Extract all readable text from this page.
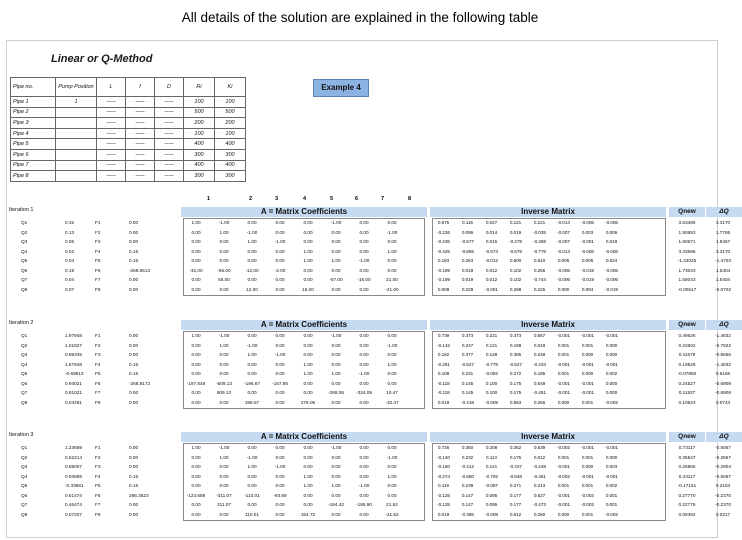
All details of the solution are explained in the following table
Linear or Q-Method
Pipe no.	Pump Position	L	f	D	Ri	Ki
Pipe 1	1	-----	-----	-----	100	100
Pipe 2		-----	-----	-----	500	500
Pipe 3		-----	-----	-----	200	200
Pipe 4		-----	-----	-----	100	100
Pipe 5		-----	-----	-----	400	400
Pipe 6		-----	-----	-----	300	300
Pipe 7		-----	-----	-----	400	400
Pipe 8		-----	-----	-----	300	300
Example 4
1	2	3	4	5	6	7	8
Iteration 1	A = Matrix Coefficients	Inverse Matrix	Qnew	ΔQ
Q1	0.32	F1	0.00	3.63486	3.3170
1.00	-1.00	0.00	0.00	0.00	-1.00	0.00	0.00	0.575	0.115	0.027	0.121	0.221	-0.013	-0.006	-0.006
Q2	0.13	F2	0.00	1.90653	1.7765
0.00	1.00	-1.00	0.00	0.00	0.00	0.00	-1.00	-0.226	0.096	0.014	0.019	-0.035	-0.007	0.003	0.006
Q3	0.06	F3	0.00	1.90671	1.8467
0.00	0.00	1.00	-1.00	0.00	0.00	0.00	0.00	-0.236	-0.577	0.015	-0.279	-0.269	-0.007	-0.001	0.018
Q4	0.02	F4	0.15	3.33696	3.3170
0.00	0.00	0.00	0.00	1.00	0.00	0.00	1.00	-0.425	-0.865	-0.973	-0.679	-0.779	-0.013	-0.006	-0.006
Q5	0.04	F5	0.15	-1.43025	-1.4703
0.00	0.00	0.00	0.00	1.00	1.00	-1.00	0.00	0.183	0.263	-0.012	0.500	0.510	0.006	0.006	0.024
Q6	0.19	F6	-269.6513	1.73043	1.5404
-32.00	-65.00	-12.00	-2.00	0.00	0.00	0.00	0.00	-0.199	0.019	0.012	0.102	0.256	-0.006	-0.019	-0.006
Q7	0.04	F7	0.00	1.58043	1.5404
0.00	55.00	0.00	0.00	0.00	-57.00	-16.00	21.00	-0.199	0.019	0.012	0.102	-0.744	-0.006	-0.019	-0.006
Q8	0.07	F8	0.00	-0.00617	-0.0702
0.00	0.00	12.00	0.00	16.00	0.00	0.00	-21.00	0.009	0.229	-0.001	0.298	0.226	0.000	0.004	-0.019
Iteration 2	A = Matrix Coefficients	Inverse Matrix	Qnew	ΔQ
Q1	1.97948	F1	0.00	0.49626	-1.4832
1.00	-1.00	0.00	0.00	0.00	-1.00	0.00	0.00	0.739	0.373	0.221	0.373	0.567	-0.001	-0.001	-0.001
Q2	1.01827	F2	0.00	0.22602	-0.7922
0.00	1.00	-1.00	0.00	0.00	0.00	0.00	-1.00	-0.142	0.247	0.121	0.199	0.018	0.001	0.001	0.000
Q3	0.98335	F3	0.00	0.11679	-0.8666
0.00	0.00	1.00	-1.00	0.00	0.00	0.00	0.00	0.182	0.377	0.128	0.385	0.248	0.001	0.000	0.000
Q4	1.67848	F4	0.15	0.19529	-1.4832
0.00	0.00	0.00	0.00	1.00	0.00	0.00	1.00	-0.281	-0.627	-0.779	-0.627	-0.433	-0.001	-0.001	-0.001
Q5	-0.69513 F5	0.15	-0.07850	0.6166
0.00	0.00	0.00	0.00	1.00	1.00	-1.00	0.00	0.108	0.231	-0.092	0.272	0.185	0.001	0.000	0.002
Q6	0.94021	F6	-268.8172	0.24527	-0.6909
-197.848	-509.13	-196.67	-167.85	0.00	0.00	0.00	0.00	-0.118	0.145	0.100	0.175	0.549	-0.001	-0.001	0.000
Q7	0.81021	F7	0.00	0.11927	-0.6909
0.00	509.13	0.00	0.00	0.00	-268.06	-324.09	10.47	-0.118	0.145	0.100	0.175	-0.451	-0.001	-0.001	0.000
Q8	0.03491	F8	0.00	0.10623	0.0743
0.00	0.00	198.67	0.00	278.05	0.00	0.00	-10.47	0.018	-0.418	-0.009	0.553	0.266	0.000	0.001	-0.002
Iteration 3	A = Matrix Coefficients	Inverse Matrix	Qnew	ΔQ
Q1	1.23669	F1	0.00	0.73117	-0.5057
1.00	-1.00	0.00	0.00	0.00	-1.00	0.00	0.00	0.726	0.350	0.208	0.352	0.539	-0.002	-0.001	-0.001
Q2	0.62214	F2	0.00	0.35547	-0.2667
0.00	1.00	-1.00	0.00	0.00	0.00	0.00	-1.00	-0.140	0.232	0.113	0.175	0.012	0.001	0.001	0.000
Q3	0.55007	F3	0.00	0.25965	-0.2904
0.00	0.00	1.00	-1.00	0.00	0.00	0.00	0.00	-0.160	-0.412	0.121	-0.337	-0.248	-0.001	0.000	0.003
Q4	0.93689	F4	0.15	0.43117	-0.5057
0.00	0.00	0.00	0.00	1.00	0.00	0.00	1.00	-0.274	-0.650	-0.792	-0.648	-0.461	-0.002	-0.001	-0.001
Q5	-0.33681 F5	0.15	-0.17151	0.2153
0.00	0.00	0.00	0.00	1.00	1.00	-1.00	0.00	0.119	0.239	-0.087	0.271	0.213	0.001	0.001	0.002
Q6	0.61474	F6	286.3523	0.27770	-0.2370
-123.689	-311.07	-110.01	-93.69	0.00	0.00	0.00	0.00	-0.125	0.147	0.095	0.177	0.527	-0.001	-0.002	0.001
Q7	0.46474	F7	0.00	0.22776	-0.2370
0.00	311.07	0.00	0.00	0.00	-184.42	-185.90	21.52	-0.125	0.147	0.095	0.177	-0.473	-0.001	-0.002	0.001
Q8	0.07207	F8	0.00	0.09382	0.0217
0.00	0.00	110.01	0.00	154.72	0.00	0.00	-21.52	0.019	-0.386	-0.008	0.512	0.260	0.000	0.001	-0.002
